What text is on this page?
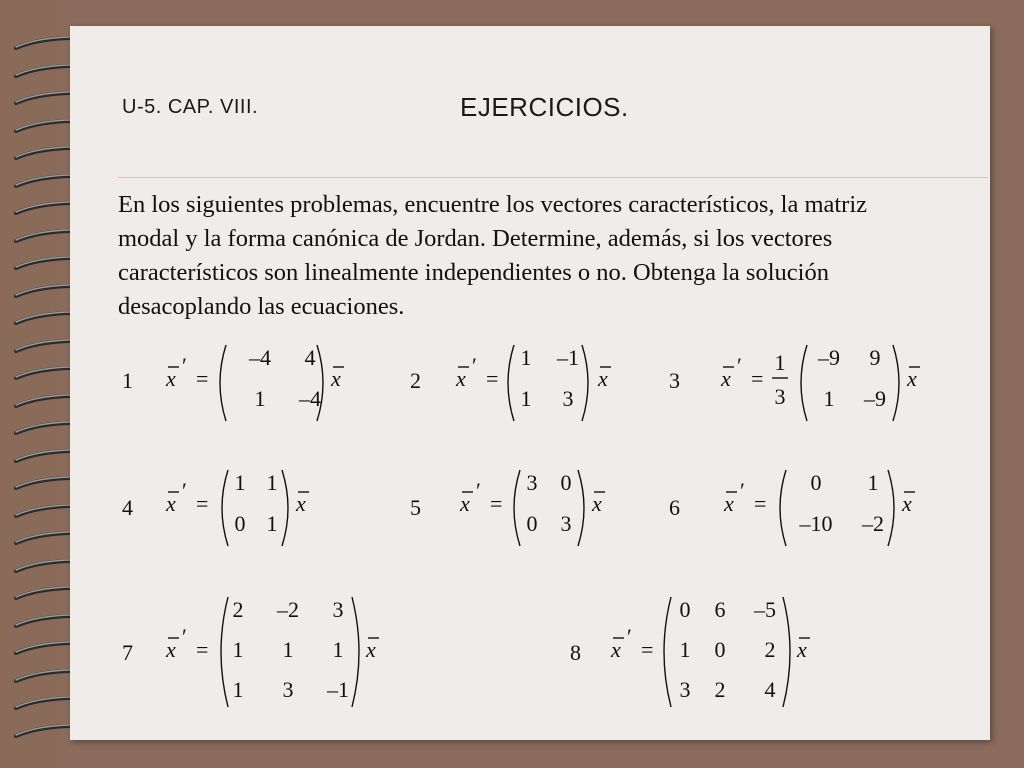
U-5. CAP. VIII.	EJERCICIOS.
En los siguientes problemas, encuentre los vectores característicos, la matriz
modal y la forma canónica de Jordan. Determine, además, si los vectores
característicos son linealmente independientes o no. Obtenga la solución
desacoplando las ecuaciones.
1	2	3
4	5	6
7	8
x
′
=
–4 4
1 –4
x	x
′
=
1 –1
1 3
x	x
′
=
1
3
–9 9
1 –9
x
x
′
=
1 1
0 1
x	x
′
=
3 0
0 3
x	x
′
=
0 1
–10 –2
x
x
′
=
2 –2 3
1 1 1
1 3 –1
x	x
′
=
0 6 –5
1 0 2
3 2 4
x
